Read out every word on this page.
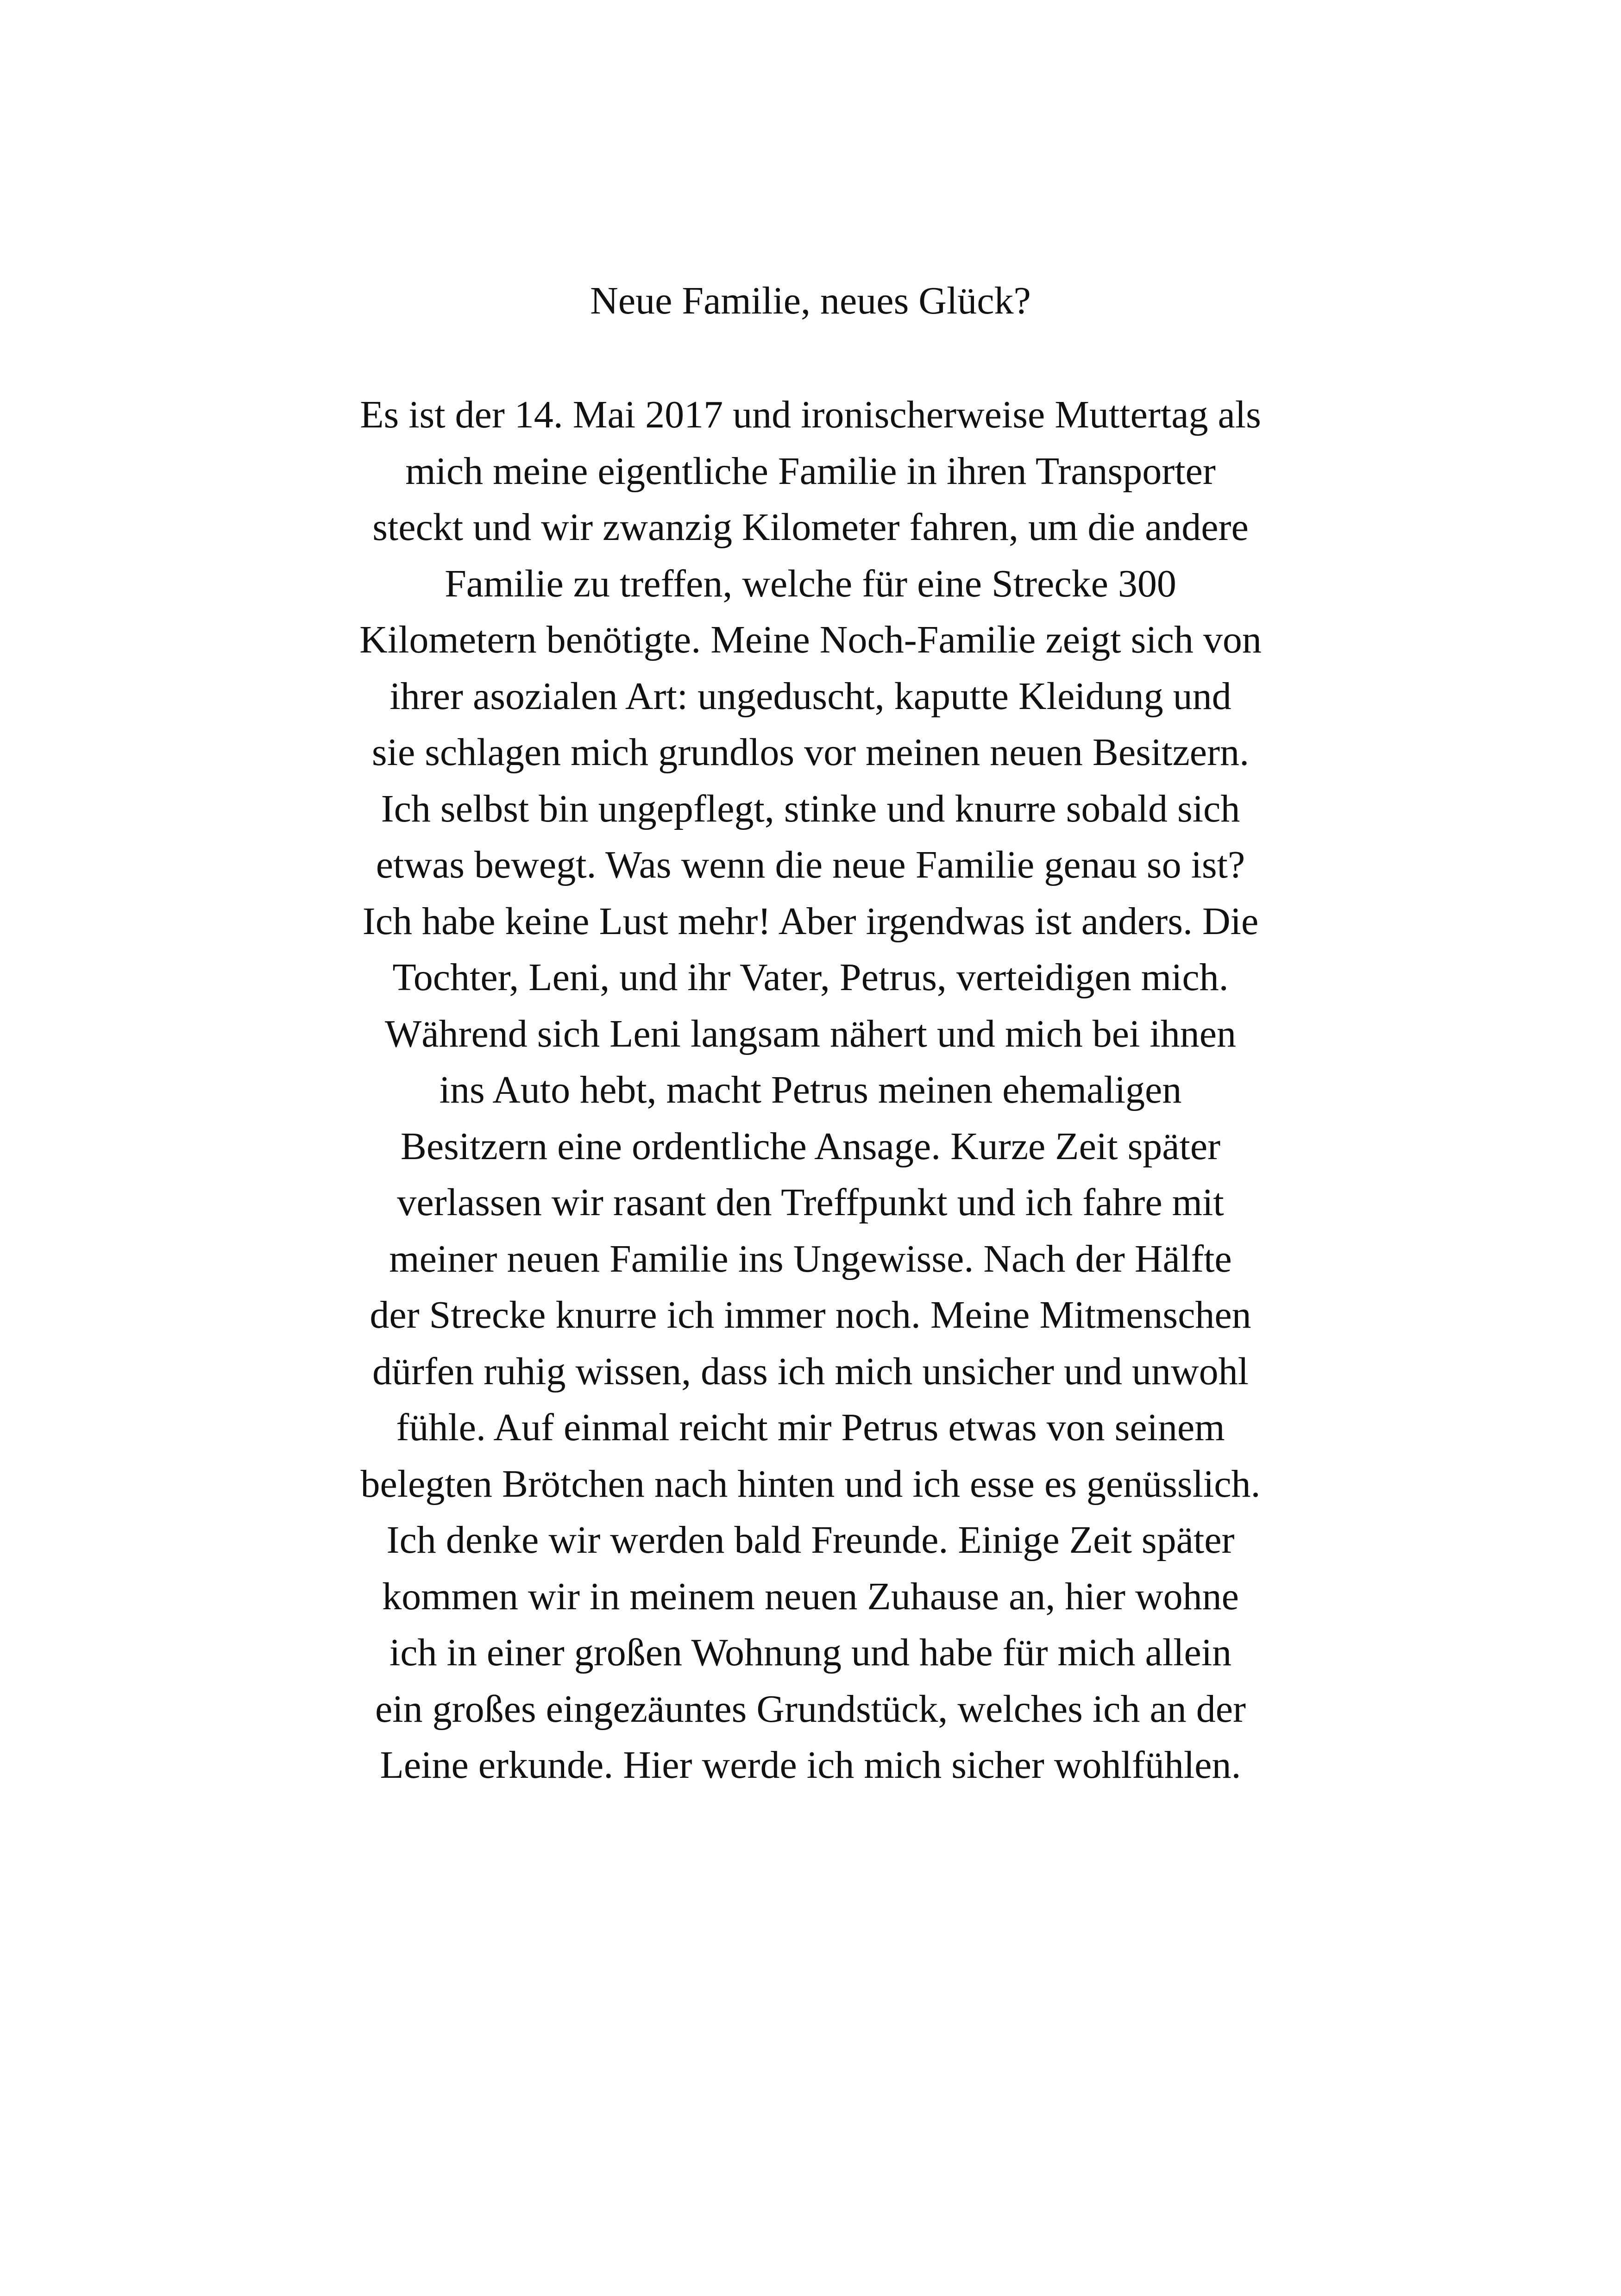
Neue Familie, neues Glück?
Es ist der 14. Mai 2017 und ironischerweise Muttertag als
mich meine eigentliche Familie in ihren Transporter
steckt und wir zwanzig Kilometer fahren, um die andere
Familie zu treffen, welche für eine Strecke 300
Kilometern benötigte. Meine Noch-Familie zeigt sich von
ihrer asozialen Art: ungeduscht, kaputte Kleidung und
sie schlagen mich grundlos vor meinen neuen Besitzern.
Ich selbst bin ungepflegt, stinke und knurre sobald sich
etwas bewegt. Was wenn die neue Familie genau so ist?
Ich habe keine Lust mehr! Aber irgendwas ist anders. Die
Tochter, Leni, und ihr Vater, Petrus, verteidigen mich.
Während sich Leni langsam nähert und mich bei ihnen
ins Auto hebt, macht Petrus meinen ehemaligen
Besitzern eine ordentliche Ansage. Kurze Zeit später
verlassen wir rasant den Treffpunkt und ich fahre mit
meiner neuen Familie ins Ungewisse. Nach der Hälfte
der Strecke knurre ich immer noch. Meine Mitmenschen
dürfen ruhig wissen, dass ich mich unsicher und unwohl
fühle. Auf einmal reicht mir Petrus etwas von seinem
belegten Brötchen nach hinten und ich esse es genüsslich.
Ich denke wir werden bald Freunde. Einige Zeit später
kommen wir in meinem neuen Zuhause an, hier wohne
ich in einer großen Wohnung und habe für mich allein
ein großes eingezäuntes Grundstück, welches ich an der
Leine erkunde. Hier werde ich mich sicher wohlfühlen.
